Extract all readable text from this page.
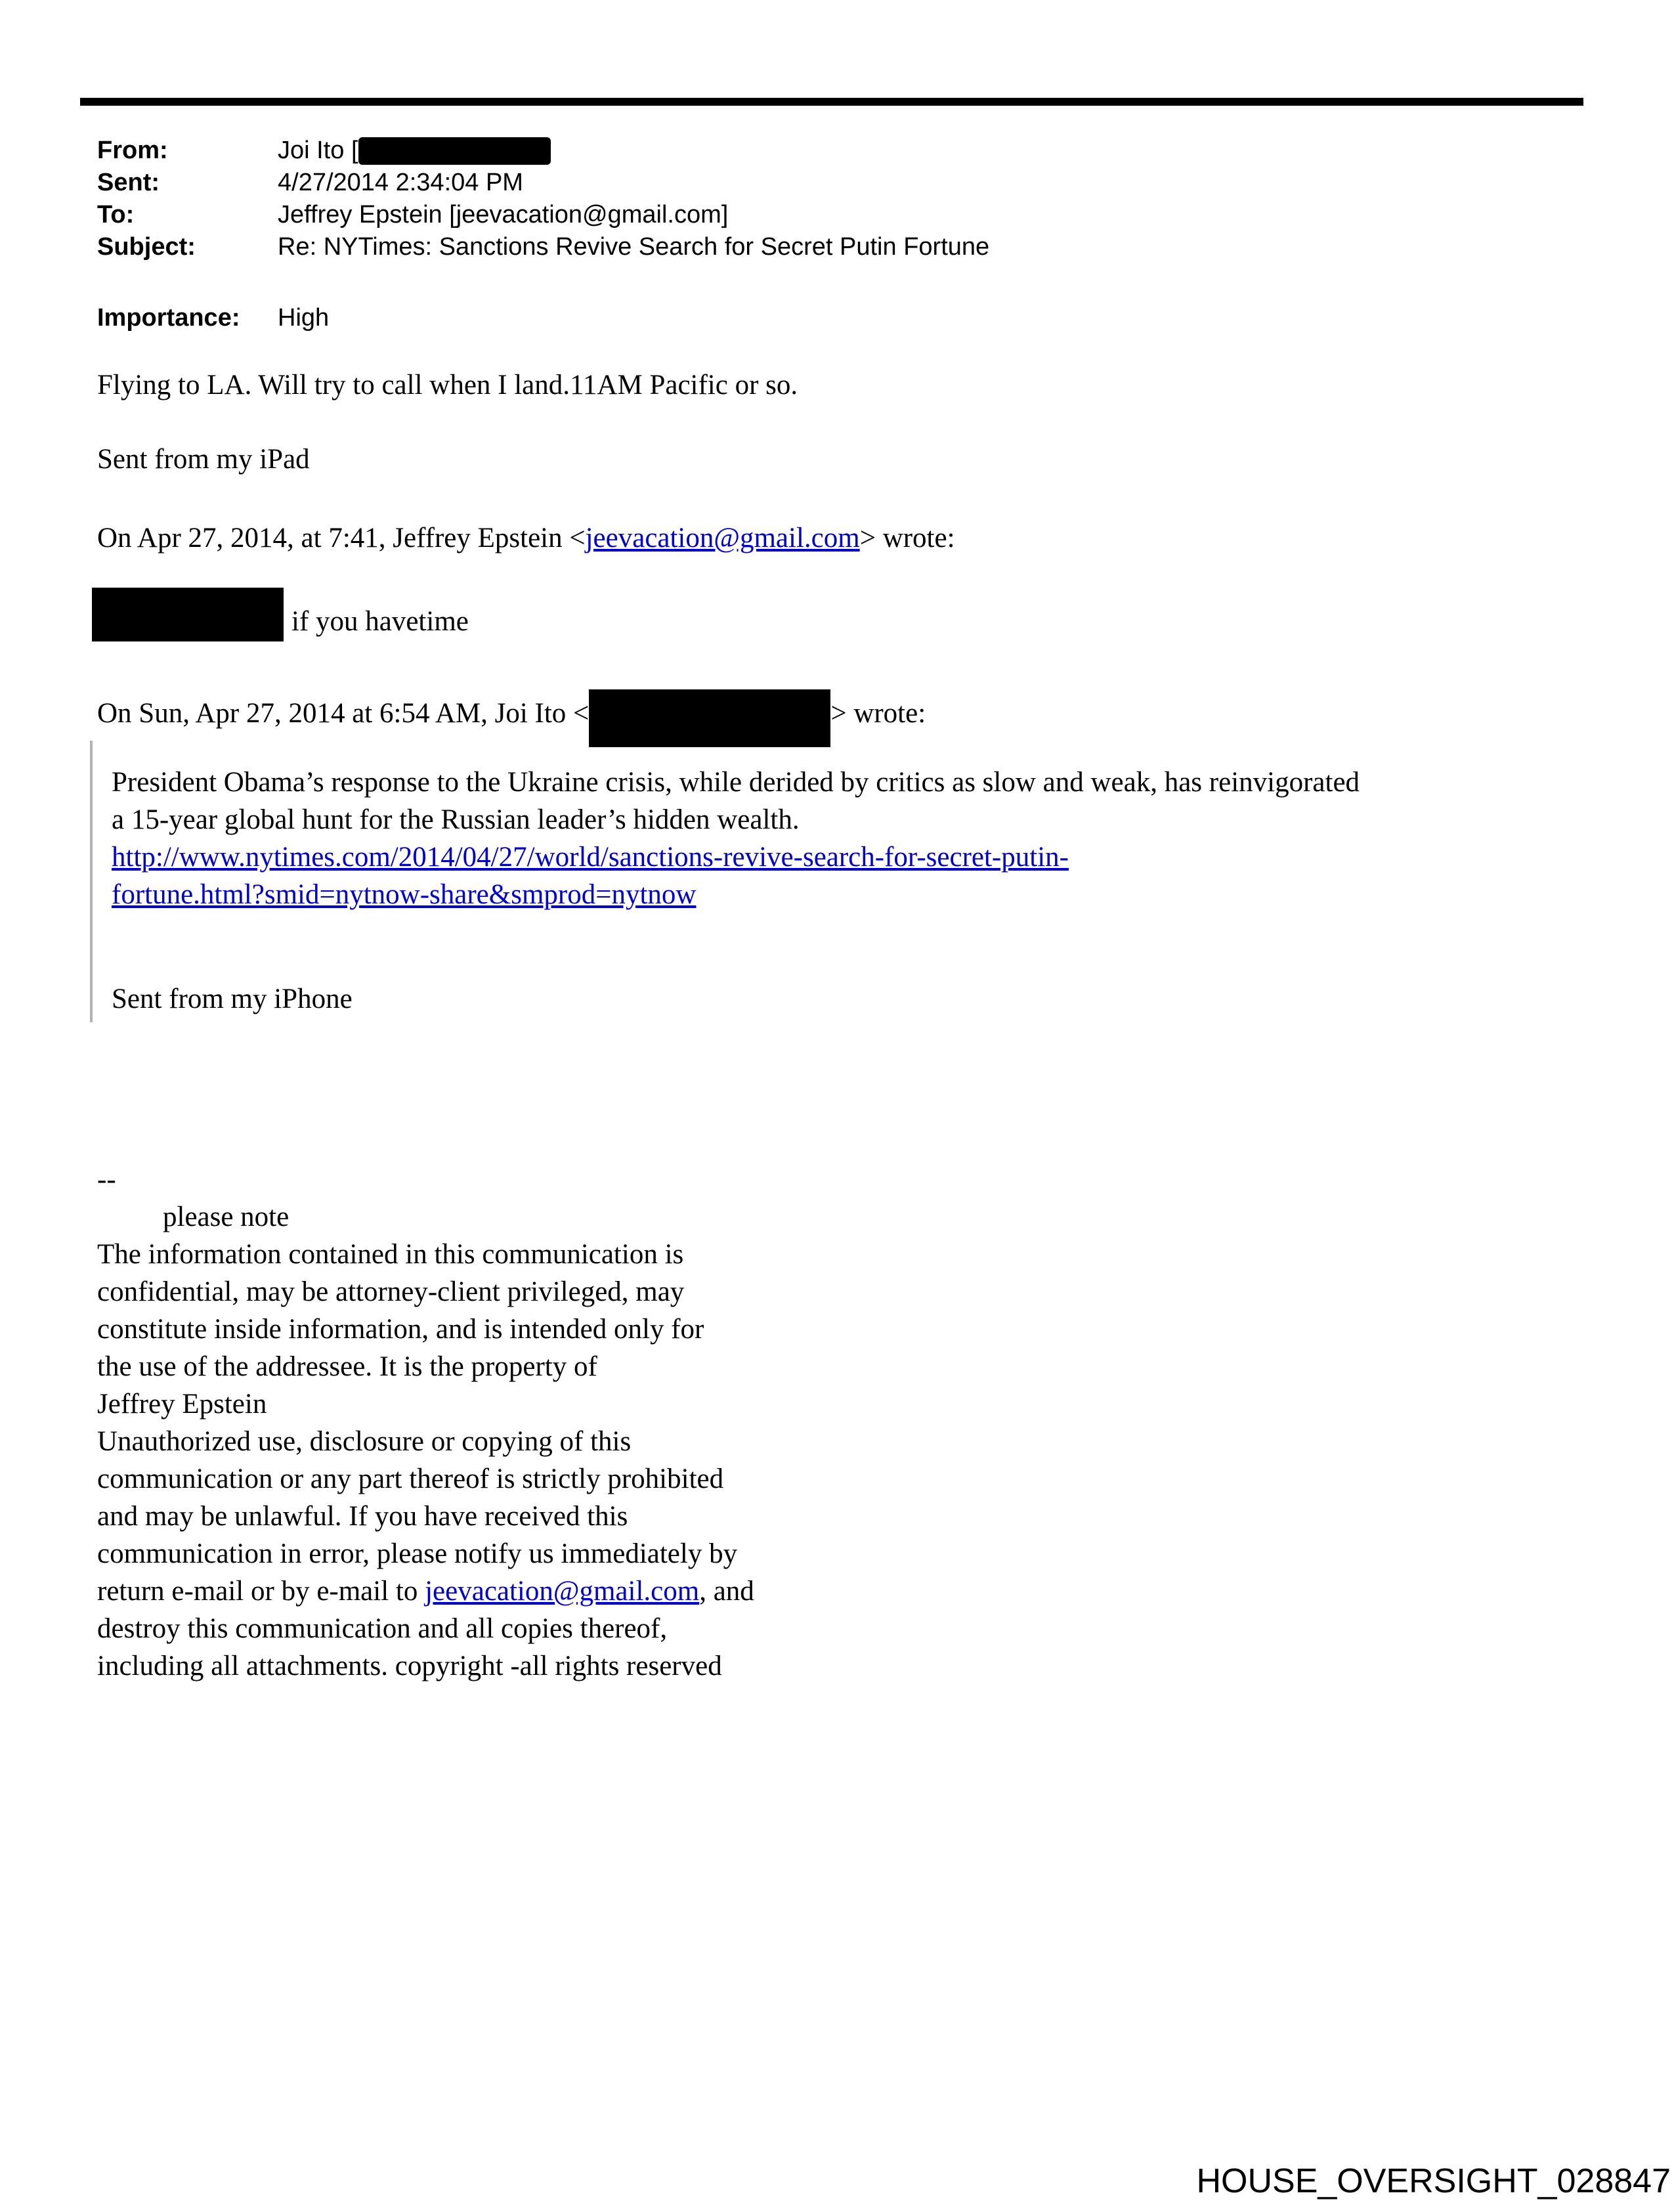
From:	Joi Ito [
Sent:	4/27/2014 2:34:04 PM
To:	Jeffrey Epstein [jeevacation@gmail.com]
Subject:	Re: NYTimes: Sanctions Revive Search for Secret Putin Fortune
Importance:	High
Flying to LA. Will try to call when I land.11AM Pacific or so.
Sent from my iPad
On Apr 27, 2014, at 7:41, Jeffrey Epstein <jeevacation@gmail.com> wrote:
if you havetime
On Sun, Apr 27, 2014 at 6:54 AM, Joi Ito <	> wrote:
President Obama’s response to the Ukraine crisis, while derided by critics as slow and weak, has reinvigorated
a 15-year global hunt for the Russian leader’s hidden wealth.
http://www.nytimes.com/2014/04/27/world/sanctions-revive-search-for-secret-putin-
fortune.html?smid=nytnow-share&smprod=nytnow
Sent from my iPhone
--
please note
The information contained in this communication is
confidential, may be attorney-client privileged, may
constitute inside information, and is intended only for
the use of the addressee. It is the property of
Jeffrey Epstein
Unauthorized use, disclosure or copying of this
communication or any part thereof is strictly prohibited
and may be unlawful. If you have received this
communication in error, please notify us immediately by
return e-mail or by e-mail to jeevacation@gmail.com, and
destroy this communication and all copies thereof,
including all attachments. copyright -all rights reserved
HOUSE_OVERSIGHT_028847
